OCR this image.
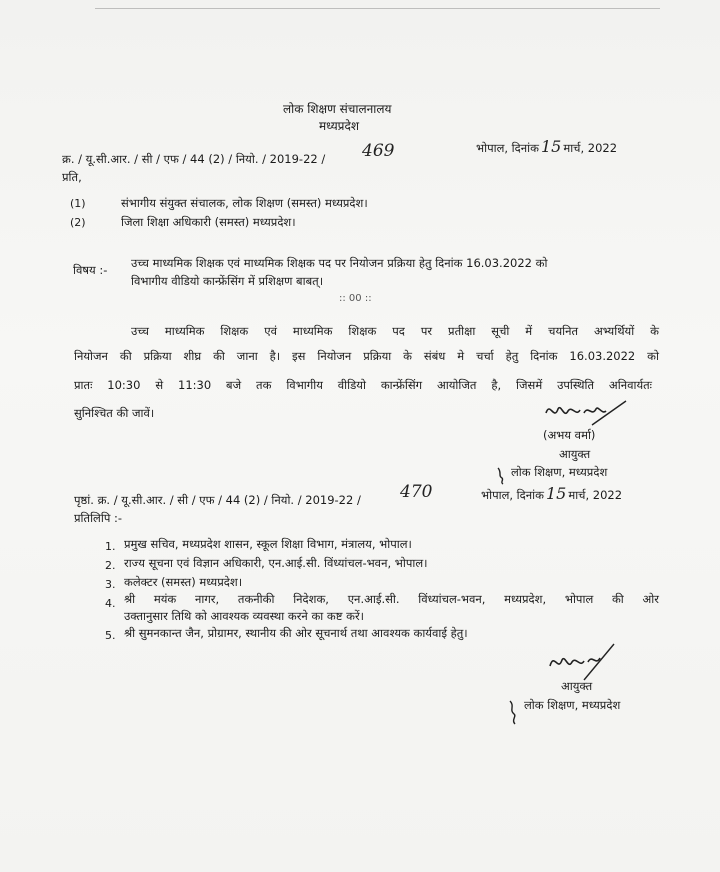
लोक शिक्षण संचालनालय
मध्यप्रदेश
क्र. / यू.सी.आर. / सी / एफ / 44 (2) / नियो. / 2019-22 / 469	भोपाल, दिनांक 15 मार्च, 2022
प्रति,
(1)	संभागीय संयुक्त संचालक, लोक शिक्षण (समस्त) मध्यप्रदेश।
(2)	जिला शिक्षा अधिकारी (समस्त) मध्यप्रदेश।
विषय :- उच्च माध्यमिक शिक्षक एवं माध्यमिक शिक्षक पद पर नियोजन प्रक्रिया हेतु दिनांक 16.03.2022 को
विभागीय वीडियो कान्फ्रेंसिंग में प्रशिक्षण बाबत्।
:: 00 ::
उच्च माध्यमिक शिक्षक एवं माध्यमिक शिक्षक पद पर प्रतीक्षा सूची में चयनित अभ्यर्थियों के
नियोजन की प्रक्रिया शीघ्र की जाना है। इस नियोजन प्रक्रिया के संबंध मे चर्चा हेतु दिनांक 16.03.2022 को
प्रातः 10:30 से 11:30 बजे तक विभागीय वीडियो कान्फ्रेंसिंग आयोजित है, जिसमें उपस्थिति अनिवार्यतः
सुनिश्चित की जावें।
(अभय वर्मा)
आयुक्त
लोक शिक्षण, मध्यप्रदेश
पृष्ठां. क्र. / यू.सी.आर. / सी / एफ / 44 (2) / नियो. / 2019-22 / 470	भोपाल, दिनांक 15 मार्च, 2022
प्रतिलिपि :-
1. प्रमुख सचिव, मध्यप्रदेश शासन, स्कूल शिक्षा विभाग, मंत्रालय, भोपाल।
2. राज्य सूचना एवं विज्ञान अधिकारी, एन.आई.सी. विंध्यांचल-भवन, भोपाल।
3. कलेक्टर (समस्त) मध्यप्रदेश।
4. श्री मयंक नागर, तकनीकी निदेशक, एन.आई.सी. विंध्यांचल-भवन, मध्यप्रदेश, भोपाल की ओर
उक्तानुसार तिथि को आवश्यक व्यवस्था करने का कष्ट करें।
5. श्री सुमनकान्त जैन, प्रोग्रामर, स्थानीय की ओर सूचनार्थ तथा आवश्यक कार्यवाई हेतु।
आयुक्त
लोक शिक्षण, मध्यप्रदेश
